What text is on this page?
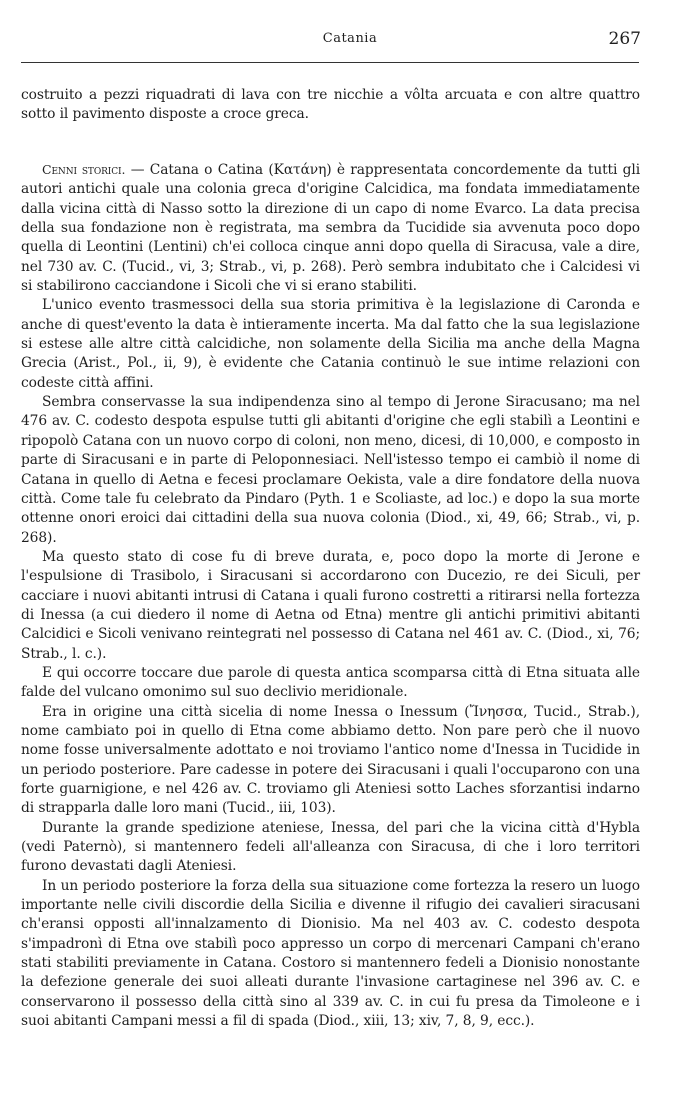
Catania	267

costruito a pezzi riquadrati di lava con tre nicchie a vôlta arcuata e con altre quattro sotto il pavimento disposte a croce greca.

Cenni storici. — Catana o Catina (Κατάνη) è rappresentata concordemente da tutti gli autori antichi quale una colonia greca d'origine Calcidica, ma fondata immediatamente dalla vicina città di Nasso sotto la direzione di un capo di nome Evarco. La data precisa della sua fondazione non è registrata, ma sembra da Tucidide sia avvenuta poco dopo quella di Leontini (Lentini) ch'ei colloca cinque anni dopo quella di Siracusa, vale a dire, nel 730 av. C. (Tucid., vi, 3; Strab., vi, p. 268). Però sembra indubitato che i Calcidesi vi si stabilirono cacciandone i Sicoli che vi si erano stabiliti.

L'unico evento trasmessoci della sua storia primitiva è la legislazione di Caronda e anche di quest'evento la data è intieramente incerta. Ma dal fatto che la sua legislazione si estese alle altre città calcidiche, non solamente della Sicilia ma anche della Magna Grecia (Arist., Pol., ii, 9), è evidente che Catania continuò le sue intime relazioni con codeste città affini.

Sembra conservasse la sua indipendenza sino al tempo di Jerone Siracusano; ma nel 476 av. C. codesto despota espulse tutti gli abitanti d'origine che egli stabilì a Leontini e ripopolò Catana con un nuovo corpo di coloni, non meno, dicesi, di 10,000, e composto in parte di Siracusani e in parte di Peloponnesiaci. Nell'istesso tempo ei cambiò il nome di Catana in quello di Aetna e fecesi proclamare Oekista, vale a dire fondatore della nuova città. Come tale fu celebrato da Pindaro (Pyth. 1 e Scoliaste, ad loc.) e dopo la sua morte ottenne onori eroici dai cittadini della sua nuova colonia (Diod., xi, 49, 66; Strab., vi, p. 268).

Ma questo stato di cose fu di breve durata, e, poco dopo la morte di Jerone e l'espulsione di Trasibolo, i Siracusani si accordarono con Ducezio, re dei Siculi, per cacciare i nuovi abitanti intrusi di Catana i quali furono costretti a ritirarsi nella fortezza di Inessa (a cui diedero il nome di Aetna od Etna) mentre gli antichi primitivi abitanti Calcidici e Sicoli venivano reintegrati nel possesso di Catana nel 461 av. C. (Diod., xi, 76; Strab., l. c.).

E qui occorre toccare due parole di questa antica scomparsa città di Etna situata alle falde del vulcano omonimo sul suo declivio meridionale.

Era in origine una città sicelia di nome Inessa o Inessum (Ἴνησσα, Tucid., Strab.), nome cambiato poi in quello di Etna come abbiamo detto. Non pare però che il nuovo nome fosse universalmente adottato e noi troviamo l'antico nome d'Inessa in Tucidide in un periodo posteriore. Pare cadesse in potere dei Siracusani i quali l'occuparono con una forte guarnigione, e nel 426 av. C. troviamo gli Ateniesi sotto Laches sforzantisi indarno di strapparla dalle loro mani (Tucid., iii, 103).

Durante la grande spedizione ateniese, Inessa, del pari che la vicina città d'Hybla (vedi Paternò), si mantennero fedeli all'alleanza con Siracusa, di che i loro territori furono devastati dagli Ateniesi.

In un periodo posteriore la forza della sua situazione come fortezza la resero un luogo importante nelle civili discordie della Sicilia e divenne il rifugio dei cavalieri siracusani ch'eransi opposti all'innalzamento di Dionisio. Ma nel 403 av. C. codesto despota s'impadronì di Etna ove stabilì poco appresso un corpo di mercenari Campani ch'erano stati stabiliti previamente in Catana. Costoro si mantennero fedeli a Dionisio nonostante la defezione generale dei suoi alleati durante l'invasione cartaginese nel 396 av. C. e conservarono il possesso della città sino al 339 av. C. in cui fu presa da Timoleone e i suoi abitanti Campani messi a fil di spada (Diod., xiii, 13; xiv, 7, 8, 9, ecc.).
